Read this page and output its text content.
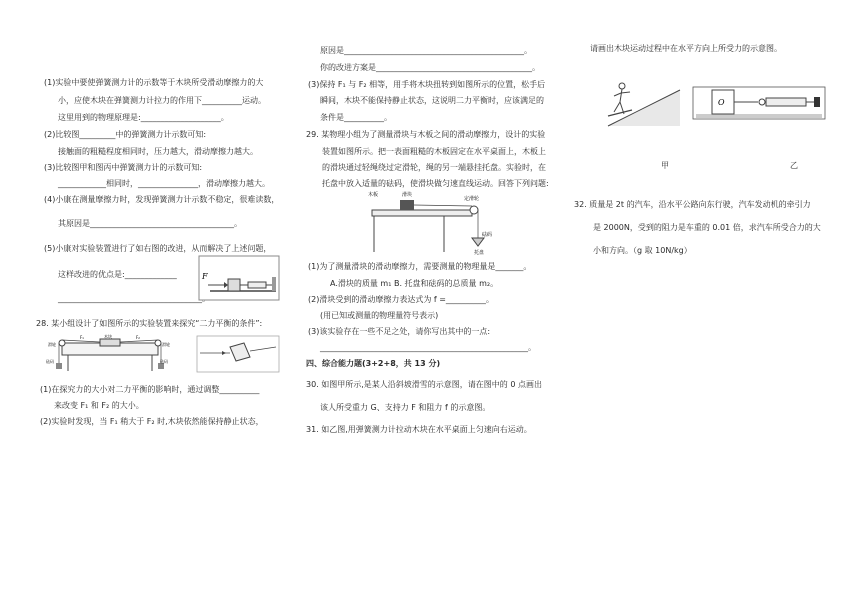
(1)实验中要使弹簧测力计的示数等于木块所受滑动摩擦力的大
小，应使木块在弹簧测力计拉力的作用下__________运动。
这里用到的物理原理是:____________________。
(2)比较图_________中的弹簧测力计示数可知:
接触面的粗糙程度相同时，压力越大，滑动摩擦力越大。
(3)比较图甲和图丙中弹簧测力计的示数可知:
____________相同时，_______________，滑动摩擦力越大。
(4)小康在测量摩擦力时，发现弹簧测力计示数不稳定，很难读数，
其原因是____________________________________。
(5)小康对实验装置进行了如右图的改进，从而解决了上述问题，
这样改进的优点是:_____________
____________________________________。
F
28. 某小组设计了如图所示的实验装置来探究“二力平衡的条件”:
砝码	砝码
F₁	F₂
木块
滑轮	滑轮
(1)在探究力的大小对二力平衡的影响时，通过调整__________
来改变 F₁ 和 F₂ 的大小。
(2)实验时发现，当 F₁ 稍大于 F₂ 时,木块依然能保持静止状态，
原因是_____________________________________________。
你的改进方案是_______________________________________。
(3)保持 F₁ 与 F₂ 相等，用手将木块扭转到如图所示的位置，松手后
瞬间，木块不能保持静止状态，这说明二力平衡时，应该满足的
条件是__________。
29. 某物理小组为了测量滑块与木板之间的滑动摩擦力，设计的实验
装置如图所示。把一表面粗糙的木板固定在水平桌面上，木板上
的滑块通过轻绳绕过定滑轮，绳的另一端悬挂托盘。实验时，在
托盘中放入适量的砝码，使滑块做匀速直线运动。回答下列问题:
木板	滑块
定滑轮
砝码
托盘
(1)为了测量滑块的滑动摩擦力，需要测量的物理量是_______。
A.滑块的质量 m₁ B. 托盘和砝码的总质量 m₂。
(2)滑块受到的滑动摩擦力表达式为 f =__________。
(用已知或测量的物理量符号表示)
(3)该实验存在一些不足之处，请你写出其中的一点:
____________________________________________________。
四、综合能力题(3+2+8，共 13 分)
30. 如图甲所示,是某人沿斜坡滑雪的示意图，请在图中的 0 点画出
该人所受重力 G、支持力 F 和阻力 f 的示意图。
31. 如乙图,用弹簧测力计拉动木块在水平桌面上匀速向右运动。
请画出木块运动过程中在水平方向上所受力的示意图。
O
甲	乙
32. 质量是 2t 的汽车，沿水平公路向东行驶，汽车发动机的牵引力
是 2000N，受到的阻力是车重的 0.01 倍，求汽车所受合力的大
小和方向。（g 取 10N/kg）
